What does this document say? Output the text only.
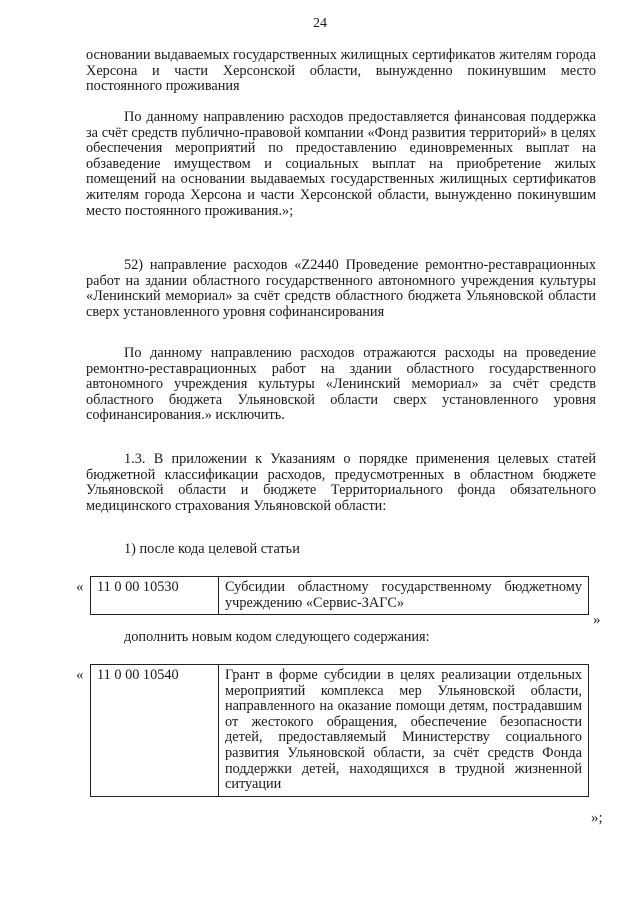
24

основании выдаваемых государственных жилищных сертификатов жителям города Херсона и части Херсонской области, вынужденно покинувшим место постоянного проживания

По данному направлению расходов предоставляется финансовая поддержка за счёт средств публично-правовой компании «Фонд развития территорий» в целях обеспечения мероприятий по предоставлению единовременных выплат на обзаведение имуществом и социальных выплат на приобретение жилых помещений на основании выдаваемых государственных жилищных сертификатов жителям города Херсона и части Херсонской области, вынужденно покинувшим место постоянного проживания.»;

52) направление расходов «Z2440 Проведение ремонтно-реставрационных работ на здании областного государственного автономного учреждения культуры «Ленинский мемориал» за счёт средств областного бюджета Ульяновской области сверх установленного уровня софинансирования

По данному направлению расходов отражаются расходы на проведение ремонтно-реставрационных работ на здании областного государственного автономного учреждения культуры «Ленинский мемориал» за счёт средств областного бюджета Ульяновской области сверх установленного уровня софинансирования.» исключить.

1.3. В приложении к Указаниям о порядке применения целевых статей бюджетной классификации расходов, предусмотренных в областном бюджете Ульяновской области и бюджете Территориального фонда обязательного медицинского страхования Ульяновской области:

1) после кода целевой статьи

« 11 0 00 10530	Субсидии областному государственному бюджетному учреждению «Сервис-ЗАГС»
»

дополнить новым кодом следующего содержания:

« 11 0 00 10540	Грант в форме субсидии в целях реализации отдельных мероприятий комплекса мер Ульяновской области, направленного на оказание помощи детям, пострадавшим от жестокого обращения, обеспечение безопасности детей, предоставляемый Министерству социального развития Ульяновской области, за счёт средств Фонда поддержки детей, находящихся в трудной жизненной ситуации
»;
